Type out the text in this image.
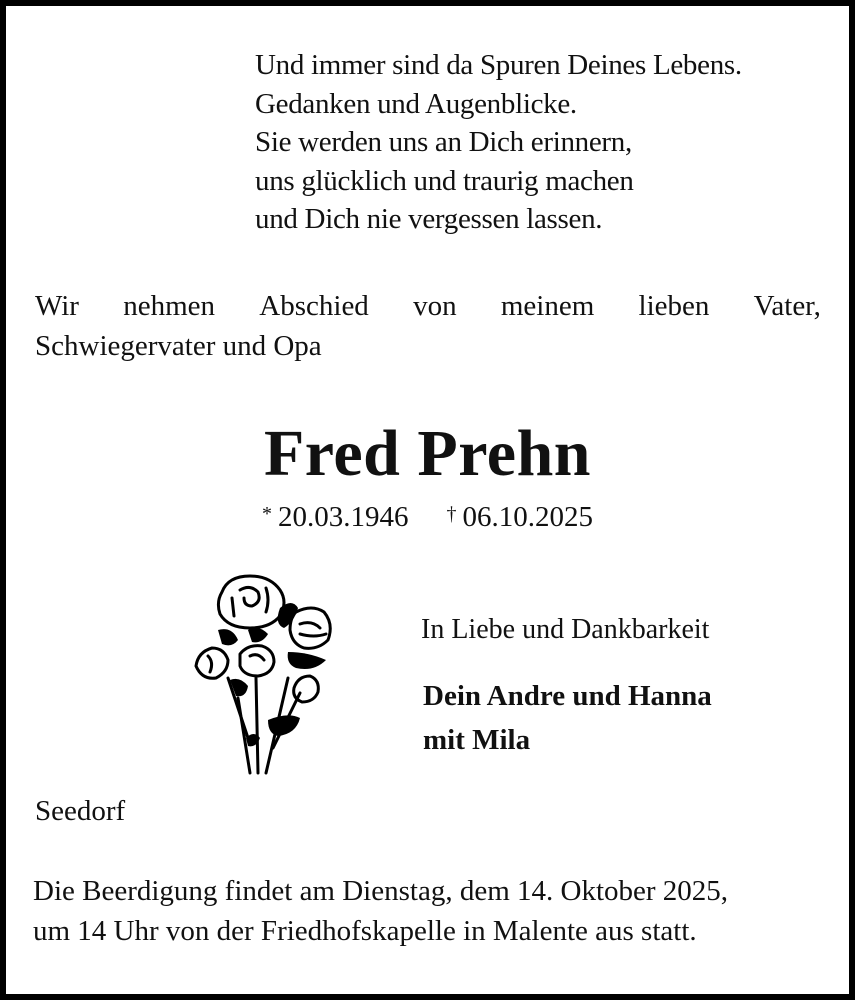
Und immer sind da Spuren Deines Lebens.
Gedanken und Augenblicke.
Sie werden uns an Dich erinnern,
uns glücklich und traurig machen
und Dich nie vergessen lassen.
Wir nehmen Abschied von meinem lieben Vater,
Schwiegervater und Opa
Fred Prehn
* 20.03.1946 † 06.10.2025
In Liebe und Dankbarkeit
Dein Andre und Hanna
mit Mila
Seedorf
Die Beerdigung findet am Dienstag, dem 14. Oktober 2025,
um 14 Uhr von der Friedhofskapelle in Malente aus statt.
